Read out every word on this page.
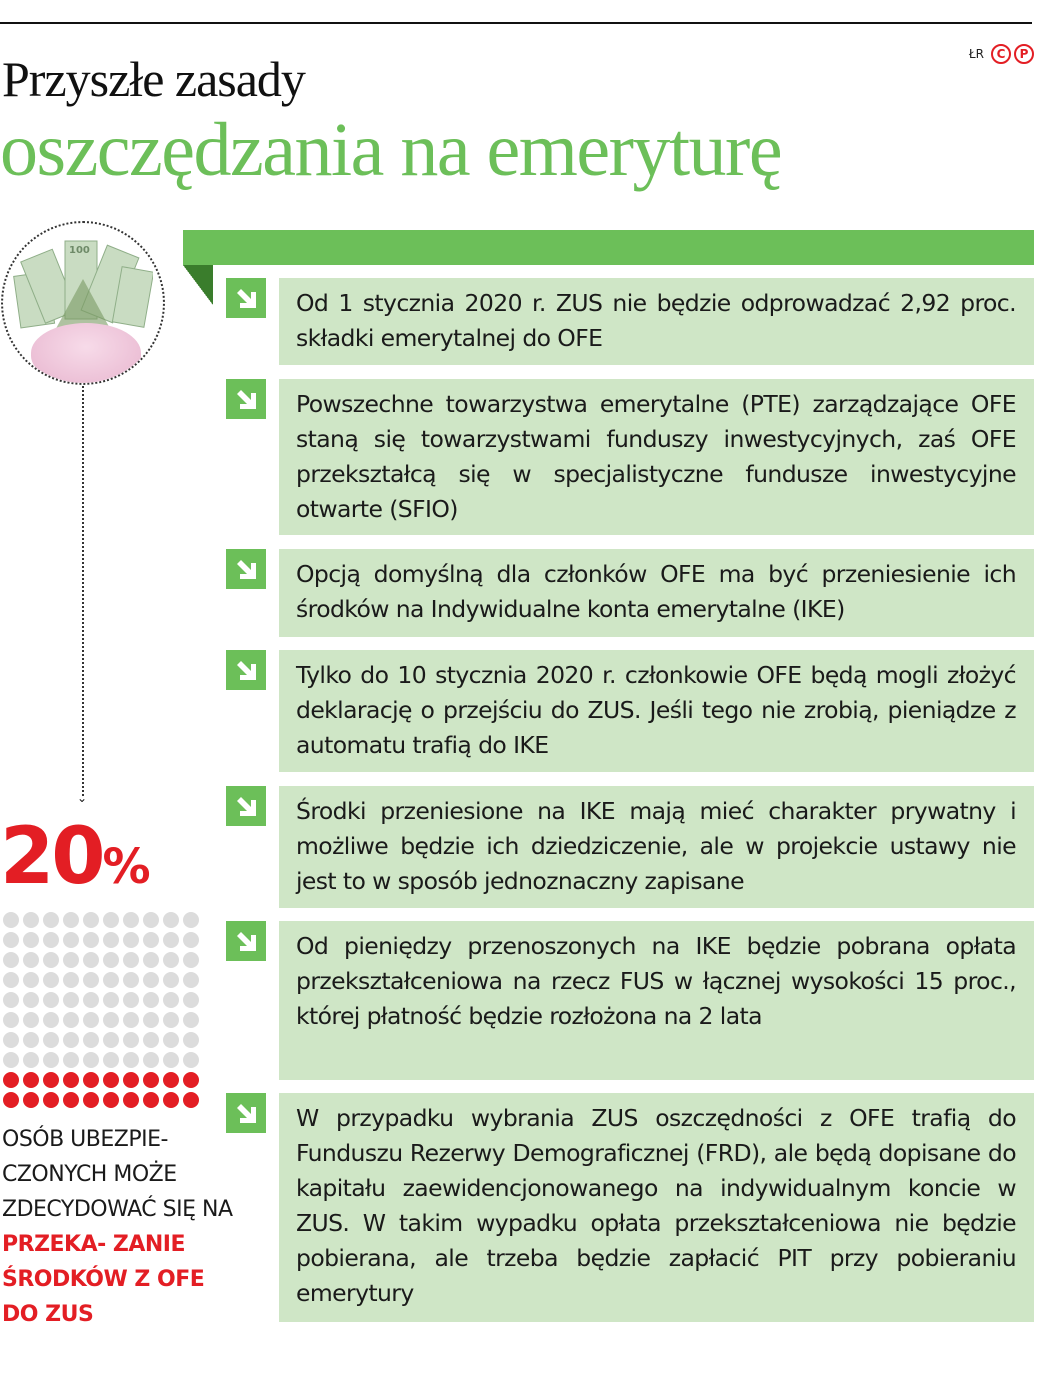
ŁR	C	P
Przyszłe zasady
oszczędzania na emeryturę
100
⌄
20%
OSÓB UBEZPIE- CZONYCH MOŻE ZDECYDOWAĆ SIĘ NA PRZEKA- ZANIE ŚRODKÓW Z OFE DO ZUS
Od 1 stycznia 2020 r. ZUS nie będzie odprowadzać 2,92 proc. składki emerytalnej do OFE
Powszechne towarzystwa emerytalne (PTE) zarządzające OFE staną się towarzystwami funduszy inwestycyjnych, zaś OFE przekształcą się w specjalistyczne fundusze inwestycyjne otwarte (SFIO)
Opcją domyślną dla członków OFE ma być przeniesienie ich środków na Indywidualne konta emerytalne (IKE)
Tylko do 10 stycznia 2020 r. członkowie OFE będą mogli złożyć deklarację o przejściu do ZUS. Jeśli tego nie zrobią, pieniądze z automatu trafią do IKE
Środki przeniesione na IKE mają mieć charakter prywatny i możliwe będzie ich dziedziczenie, ale w projekcie ustawy nie jest to w sposób jednoznaczny zapisane
Od pieniędzy przenoszonych na IKE będzie pobrana opłata przekształceniowa na rzecz FUS w łącznej wysokości 15 proc., której płatność będzie rozłożona na 2 lata
W przypadku wybrania ZUS oszczędności z OFE trafią do Funduszu Rezerwy Demograficznej (FRD), ale będą dopisane do kapitału zaewidencjonowanego na indywidualnym koncie w ZUS. W takim wypadku opłata przekształceniowa nie będzie pobierana, ale trzeba będzie zapłacić PIT przy pobieraniu emerytury
